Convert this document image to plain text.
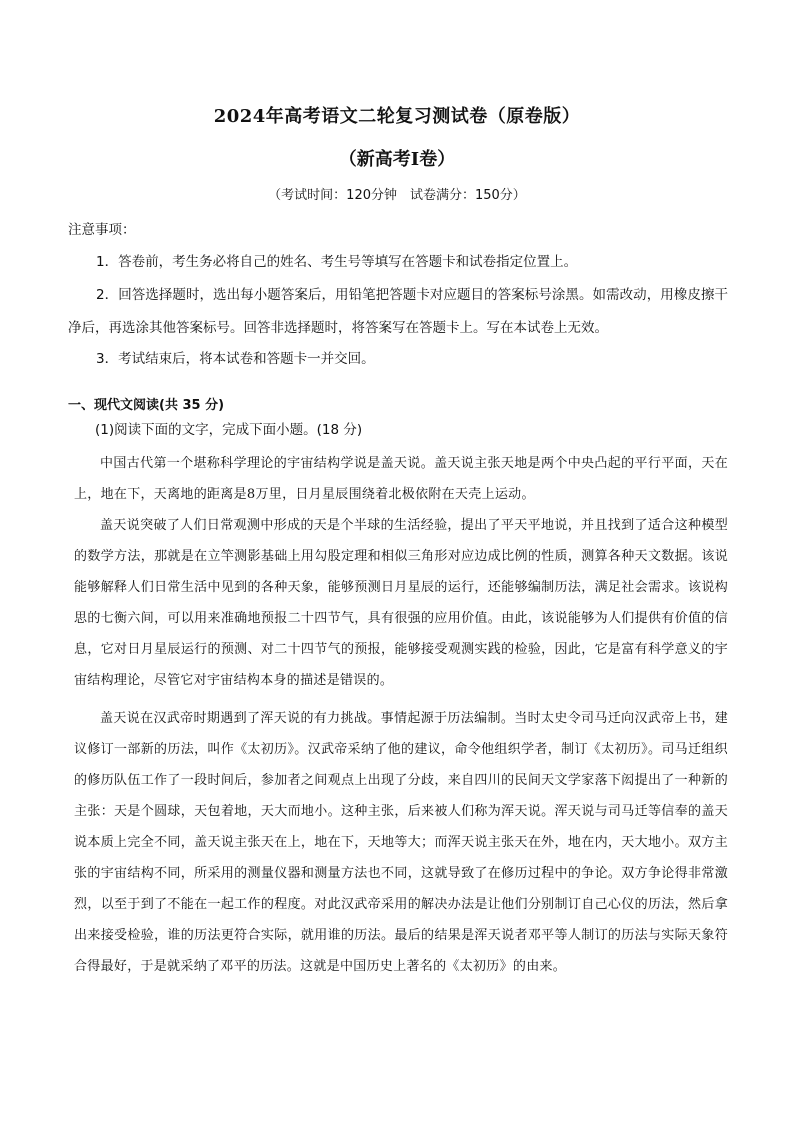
2024年高考语文二轮复习测试卷（原卷版）
（新高考Ⅰ卷）
（考试时间：120分钟　试卷满分：150分）
注意事项：
1．答卷前，考生务必将自己的姓名、考生号等填写在答题卡和试卷指定位置上。
2．回答选择题时，选出每小题答案后，用铅笔把答题卡对应题目的答案标号涂黑。如需改动，用橡皮擦干净后，再选涂其他答案标号。回答非选择题时，将答案写在答题卡上。写在本试卷上无效。
3．考试结束后，将本试卷和答题卡一并交回。
一、现代文阅读(共 35 分)
(1)阅读下面的文字，完成下面小题。(18 分)
中国古代第一个堪称科学理论的宇宙结构学说是盖天说。盖天说主张天地是两个中央凸起的平行平面，天在上，地在下，天离地的距离是8万里，日月星辰围绕着北极依附在天壳上运动。
盖天说突破了人们日常观测中形成的天是个半球的生活经验，提出了平天平地说，并且找到了适合这种模型的数学方法，那就是在立竿测影基础上用勾股定理和相似三角形对应边成比例的性质，测算各种天文数据。该说能够解释人们日常生活中见到的各种天象，能够预测日月星辰的运行，还能够编制历法，满足社会需求。该说构思的七衡六间，可以用来准确地预报二十四节气，具有很强的应用价值。由此，该说能够为人们提供有价值的信息，它对日月星辰运行的预测、对二十四节气的预报，能够接受观测实践的检验，因此，它是富有科学意义的宇宙结构理论，尽管它对宇宙结构本身的描述是错误的。
盖天说在汉武帝时期遇到了浑天说的有力挑战。事情起源于历法编制。当时太史令司马迁向汉武帝上书，建议修订一部新的历法，叫作《太初历》。汉武帝采纳了他的建议，命令他组织学者，制订《太初历》。司马迁组织的修历队伍工作了一段时间后，参加者之间观点上出现了分歧，来自四川的民间天文学家落下闳提出了一种新的主张：天是个圆球，天包着地，天大而地小。这种主张，后来被人们称为浑天说。浑天说与司马迁等信奉的盖天说本质上完全不同，盖天说主张天在上，地在下，天地等大；而浑天说主张天在外，地在内，天大地小。双方主张的宇宙结构不同，所采用的测量仪器和测量方法也不同，这就导致了在修历过程中的争论。双方争论得非常激烈，以至于到了不能在一起工作的程度。对此汉武帝采用的解决办法是让他们分别制订自己心仪的历法，然后拿出来接受检验，谁的历法更符合实际，就用谁的历法。最后的结果是浑天说者邓平等人制订的历法与实际天象符合得最好，于是就采纳了邓平的历法。这就是中国历史上著名的《太初历》的由来。
